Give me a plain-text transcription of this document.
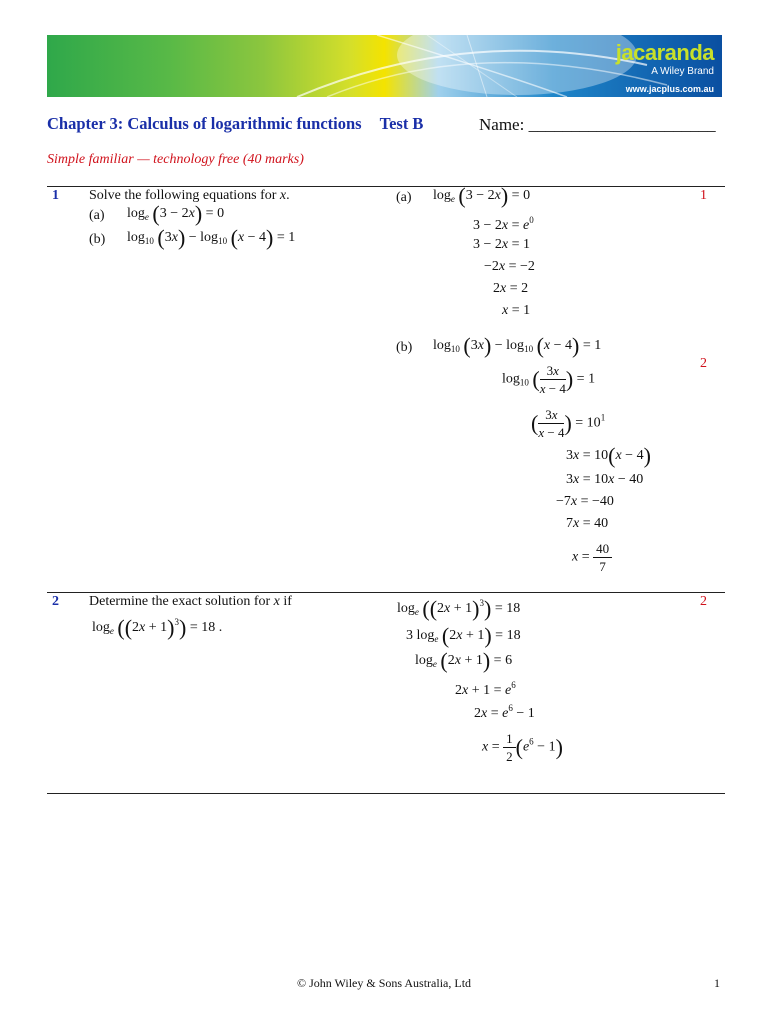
jacaranda
A Wiley Brand
www.jacplus.com.au
Chapter 3: Calculus of logarithmic functions Test B	Name: ______________________
Simple familiar — technology free (40 marks)
1 Solve the following equations for x.
(a) $\log_e (3 - 2x) = 0$
(b) $\log_{10} (3x) - \log_{10} (x - 4) = 1$
(a)	1
$\log_e (3 - 2x) = 0$
$3 - 2x = e^0$
3 − 2x = 1
−2x = −2
2x = 2
x = 1
(b) $\log_{10} (3x) - \log_{10} (x - 4) = 1$
2
$\log_{10}$ ( $\frac{3x}{x - 4}$ ) = 1
( $\frac{3x}{x - 4}$ ) = $10^1$
3x = 10(x − 4)
3x = 10x − 40
−7x = −40
7x = 40
$x = \frac{40}{7}$
2 Determine the exact solution for x if
$\log_e ((2x + 1)^3) = 18$ .
2
$\log_e ((2x + 1)^3) = 18$
3 $\log_e (2x + 1) = 18$
$\log_e (2x + 1) = 6$
$2x + 1 = e^6$
$2x = e^6 - 1$
$x = \frac{1}{2} (e^6 - 1)$
© John Wiley & Sons Australia, Ltd	1
